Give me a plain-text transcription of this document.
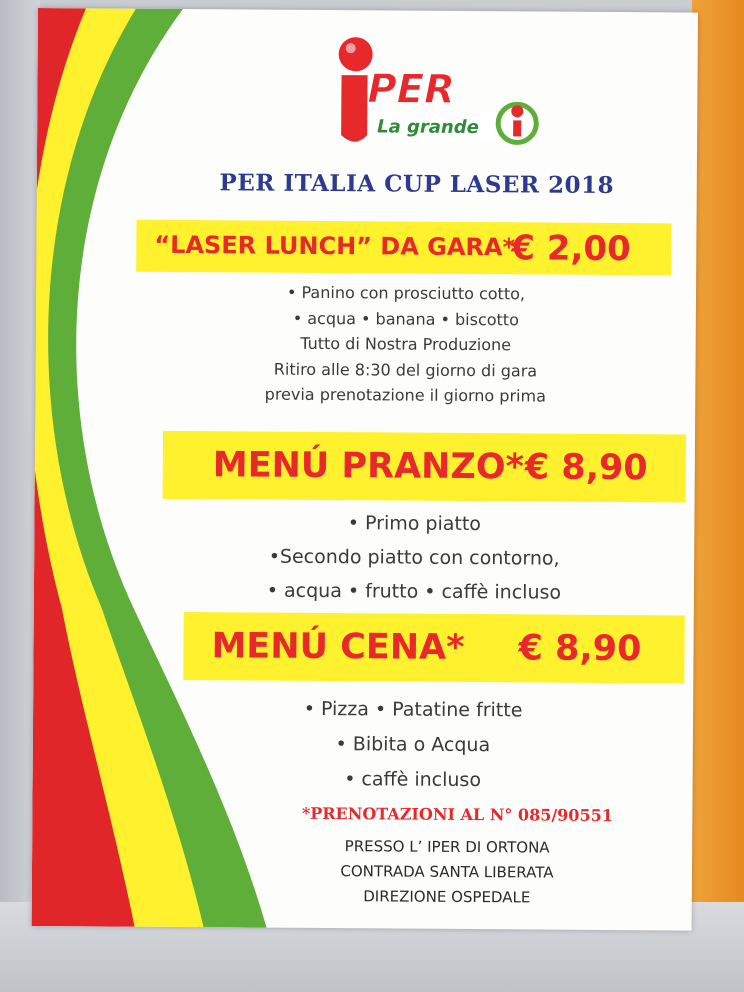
PER
La grande
PER ITALIA CUP LASER 2018
“LASER LUNCH” DA GARA*
€ 2,00
• Panino con prosciutto cotto,
• acqua • banana • biscotto
Tutto di Nostra Produzione
Ritiro alle 8:30 del giorno di gara
previa prenotazione il giorno prima
MENÚ PRANZO* € 8,90
• Primo piatto
•Secondo piatto con contorno,
• acqua • frutto • caffè incluso
MENÚ CENA* € 8,90
• Pizza • Patatine fritte
• Bibita o Acqua
• caffè incluso
*PRENOTAZIONI AL N° 085/90551
PRESSO L’ IPER DI ORTONA
CONTRADA SANTA LIBERATA
DIREZIONE OSPEDALE
